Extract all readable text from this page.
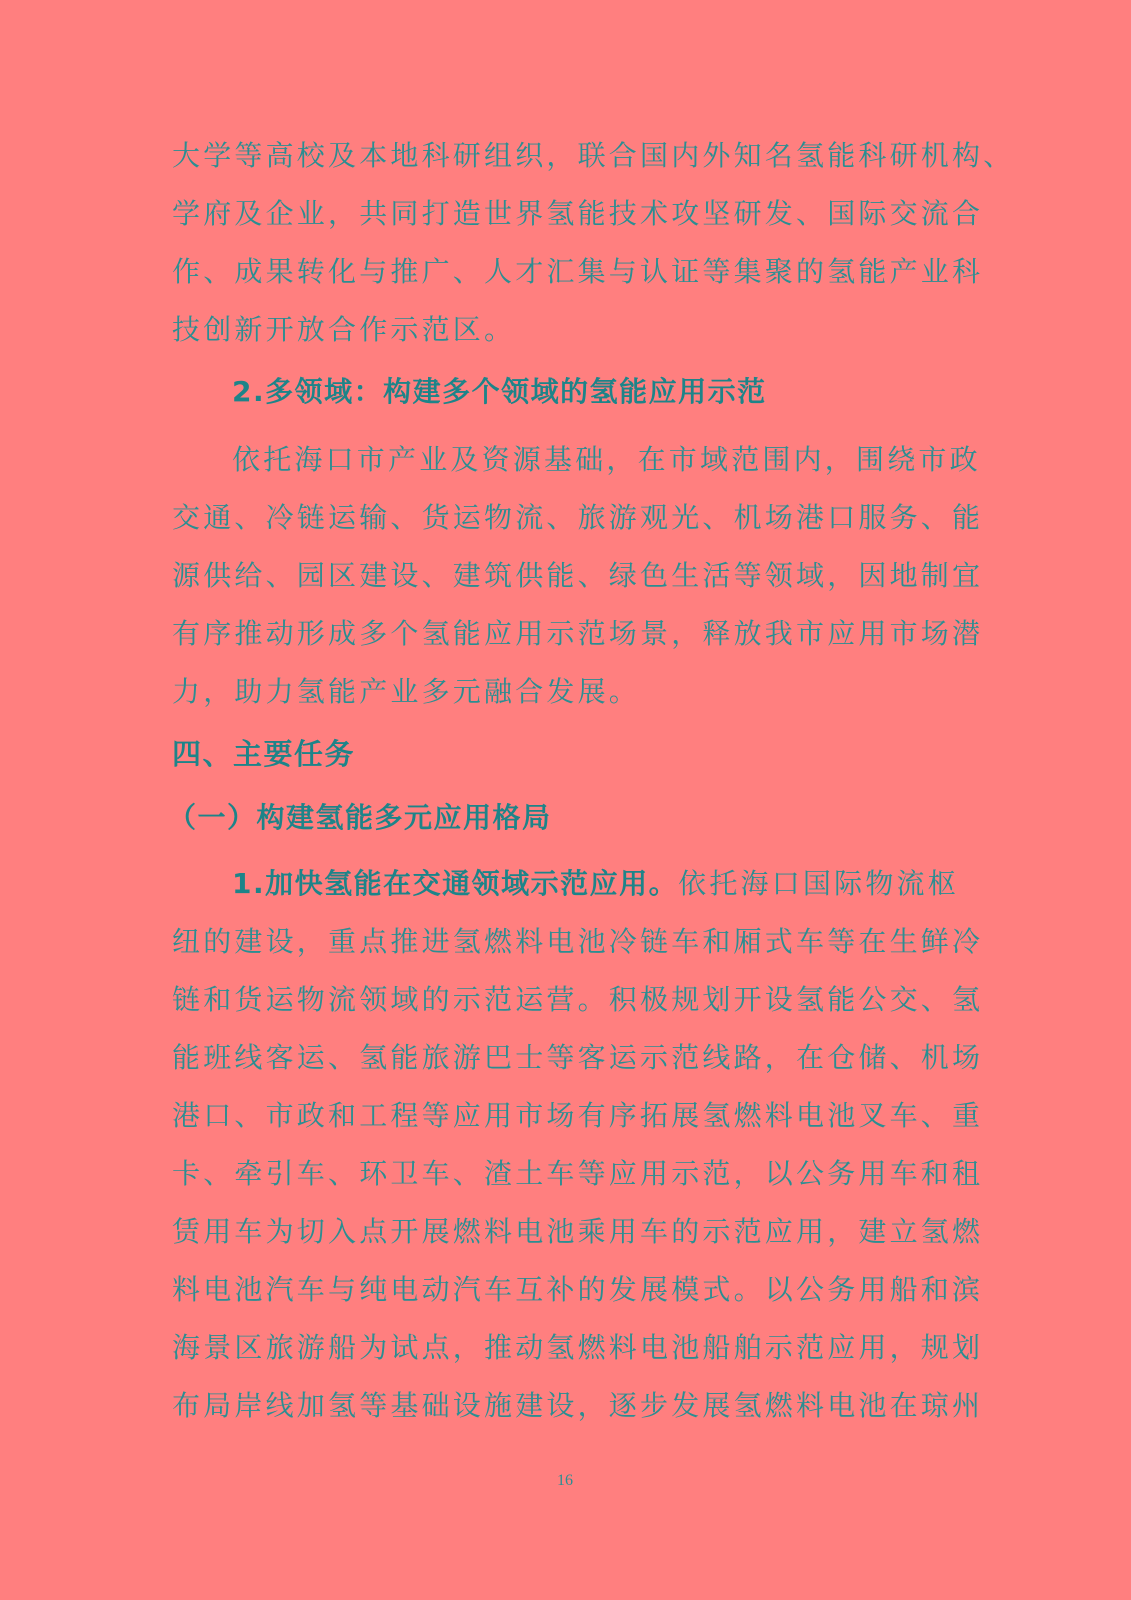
大学等高校及本地科研组织，联合国内外知名氢能科研机构、
学府及企业，共同打造世界氢能技术攻坚研发、国际交流合
作、成果转化与推广、人才汇集与认证等集聚的氢能产业科
技创新开放合作示范区。
2.多领域：构建多个领域的氢能应用示范
依托海口市产业及资源基础，在市域范围内，围绕市政
交通、冷链运输、货运物流、旅游观光、机场港口服务、能
源供给、园区建设、建筑供能、绿色生活等领域，因地制宜
有序推动形成多个氢能应用示范场景，释放我市应用市场潜
力，助力氢能产业多元融合发展。
四、主要任务
（一）构建氢能多元应用格局
1.加快氢能在交通领域示范应用。依托海口国际物流枢
纽的建设，重点推进氢燃料电池冷链车和厢式车等在生鲜冷
链和货运物流领域的示范运营。积极规划开设氢能公交、氢
能班线客运、氢能旅游巴士等客运示范线路，在仓储、机场
港口、市政和工程等应用市场有序拓展氢燃料电池叉车、重
卡、牵引车、环卫车、渣土车等应用示范，以公务用车和租
赁用车为切入点开展燃料电池乘用车的示范应用，建立氢燃
料电池汽车与纯电动汽车互补的发展模式。以公务用船和滨
海景区旅游船为试点，推动氢燃料电池船舶示范应用，规划
布局岸线加氢等基础设施建设，逐步发展氢燃料电池在琼州
16
